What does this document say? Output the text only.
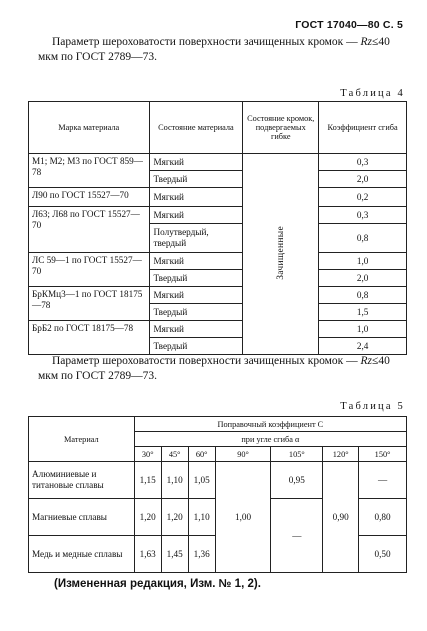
ГОСТ 17040—80 С. 5
Параметр шероховатости поверхности зачищенных кромок — Rz≤40 мкм по ГОСТ 2789—73.
Таблица 4
Марка материала	Состояние материала	Состояние кромок, подвергаемых гибке	Коэффициент сгиба
М1; М2; М3 по ГОСТ 859—78	Мягкий	Зачищенные	0,3
	Твердый		2,0
Л90 по ГОСТ 15527—70	Мягкий		0,2
Л63; Л68 по ГОСТ 15527—70	Мягкий		0,3
	Полутвердый, твердый		0,8
ЛС 59—1 по ГОСТ 15527—70	Мягкий		1,0
	Твердый		2,0
БрКМц3—1 по ГОСТ 18175—78	Мягкий		0,8
	Твердый		1,5
БрБ2 по ГОСТ 18175—78	Мягкий		1,0
	Твердый		2,4
Параметр шероховатости поверхности зачищенных кромок — Rz≤40 мкм по ГОСТ 2789—73.
Таблица 5
Материал	Поправочный коэффициент С						
	при угле сгиба α						
	30°	45°	60°	90°	105°	120°	150°
Алюминиевые и титановые сплавы	1,15	1,10	1,05	1,00	0,95	0,90	—
Магниевые сплавы	1,20	1,20	1,10		—		0,80
Медь и медные сплавы	1,63	1,45	1,36				0,50
(Измененная редакция, Изм. № 1, 2).
